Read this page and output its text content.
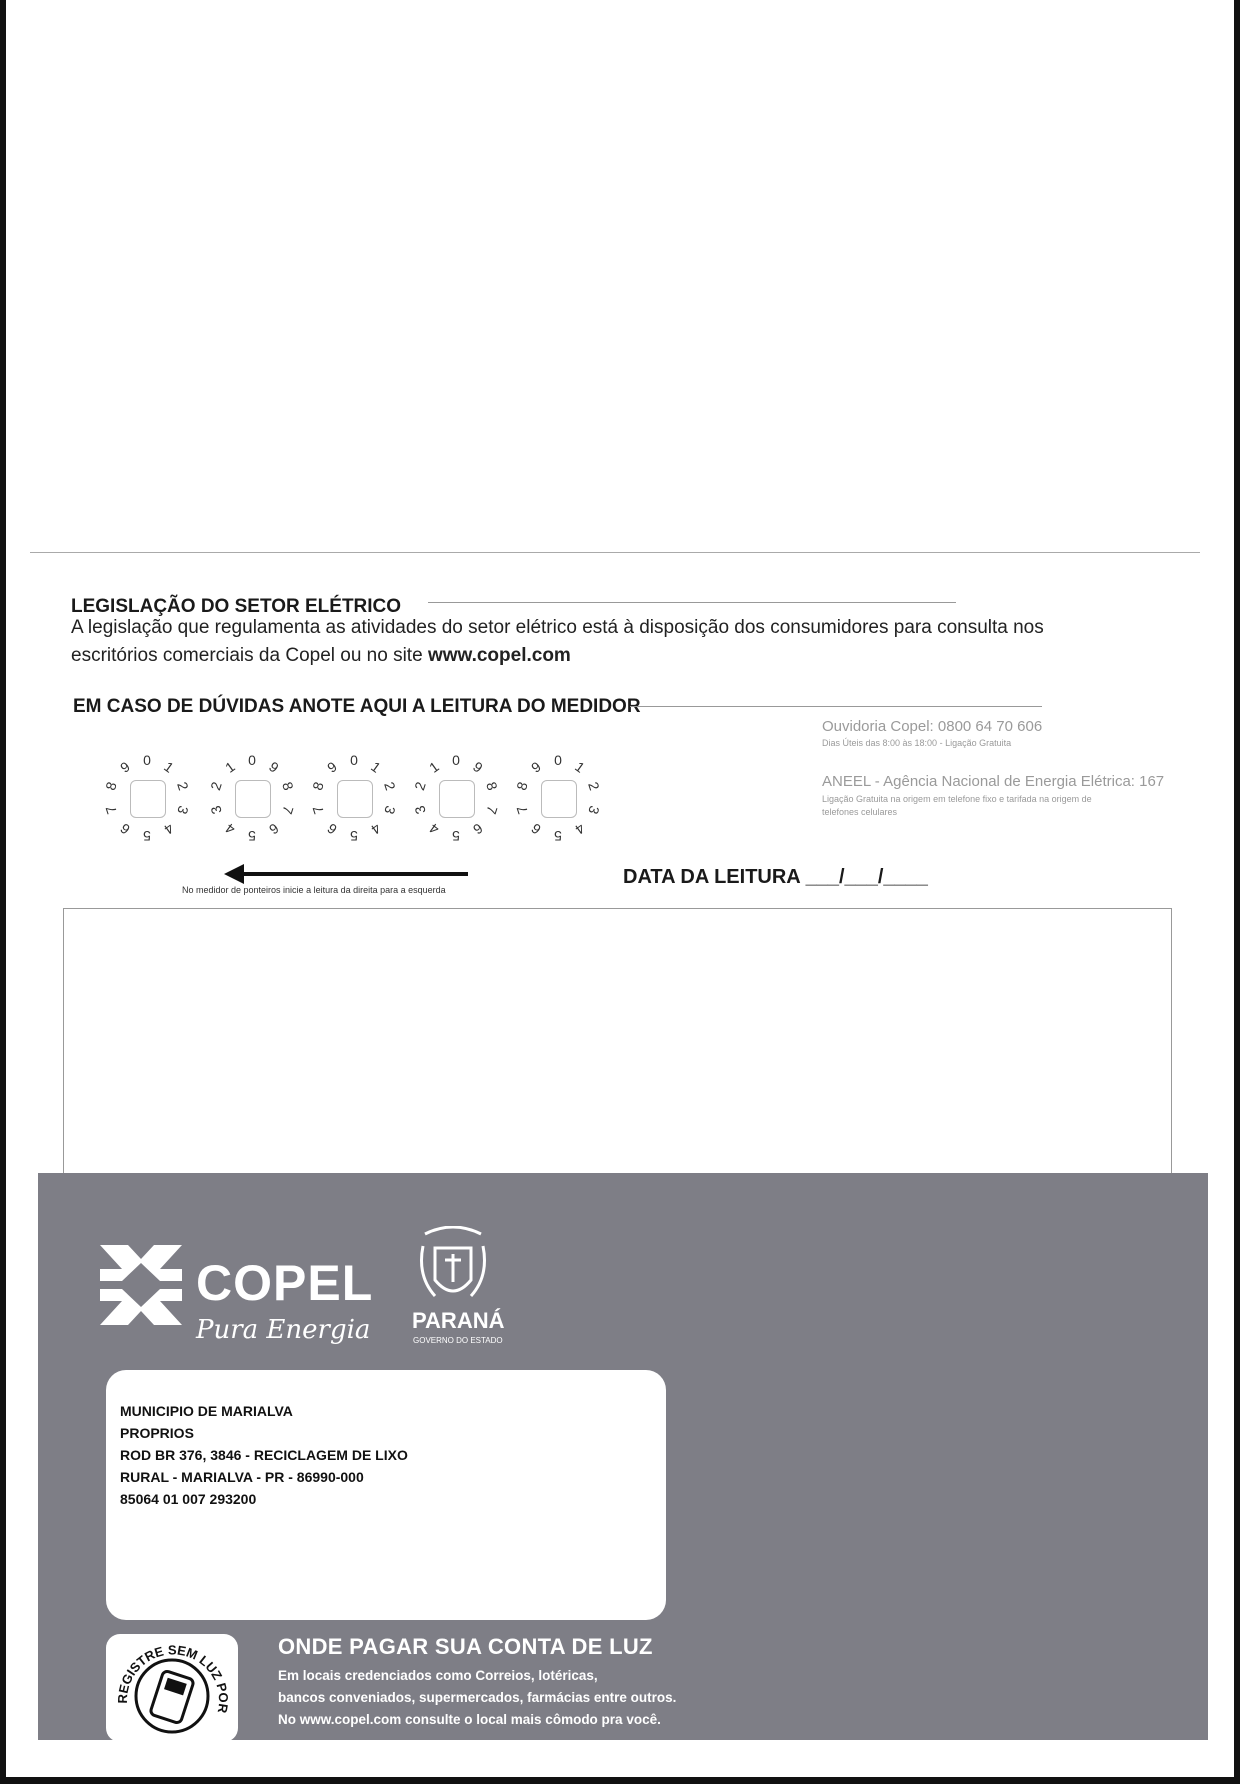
LEGISLAÇÃO DO SETOR ELÉTRICO
A legislação que regulamenta as atividades do setor elétrico está à disposição dos consumidores para consulta nos
escritórios comerciais da Copel ou no site www.copel.com
EM CASO DE DÚVIDAS ANOTE AQUI A LEITURA DO MEDIDOR
0 1
2
3
4
5
6
7
8
9	0
1
2
3
4 5 6
7
8
9	0 1
2
3
4
5
6
7
8
9	0
1
2
3
4 5 6
7
8
9	0 1
2
3
4
5
6
7
8
9
No medidor de ponteiros inicie a leitura da direita para a esquerda
DATA DA LEITURA ___/___/____
Ouvidoria Copel: 0800 64 70 606
Dias Úteis das 8:00 às 18:00 - Ligação Gratuita
ANEEL - Agência Nacional de Energia Elétrica: 167
Ligação Gratuita na origem em telefone fixo e tarifada na origem de
telefones celulares
COPEL
Pura Energia PARANÁ
GOVERNO DO ESTADO
MUNICIPIO DE MARIALVA
PROPRIOS
ROD BR 376, 3846 - RECICLAGEM DE LIXO
RURAL - MARIALVA - PR - 86990-000
85064 01 007 293200
REGISTRE SEM LUZ POR
ONDE PAGAR SUA CONTA DE LUZ
Em locais credenciados como Correios, lotéricas,
bancos conveniados, supermercados, farmácias entre outros.
No www.copel.com consulte o local mais cômodo pra você.
